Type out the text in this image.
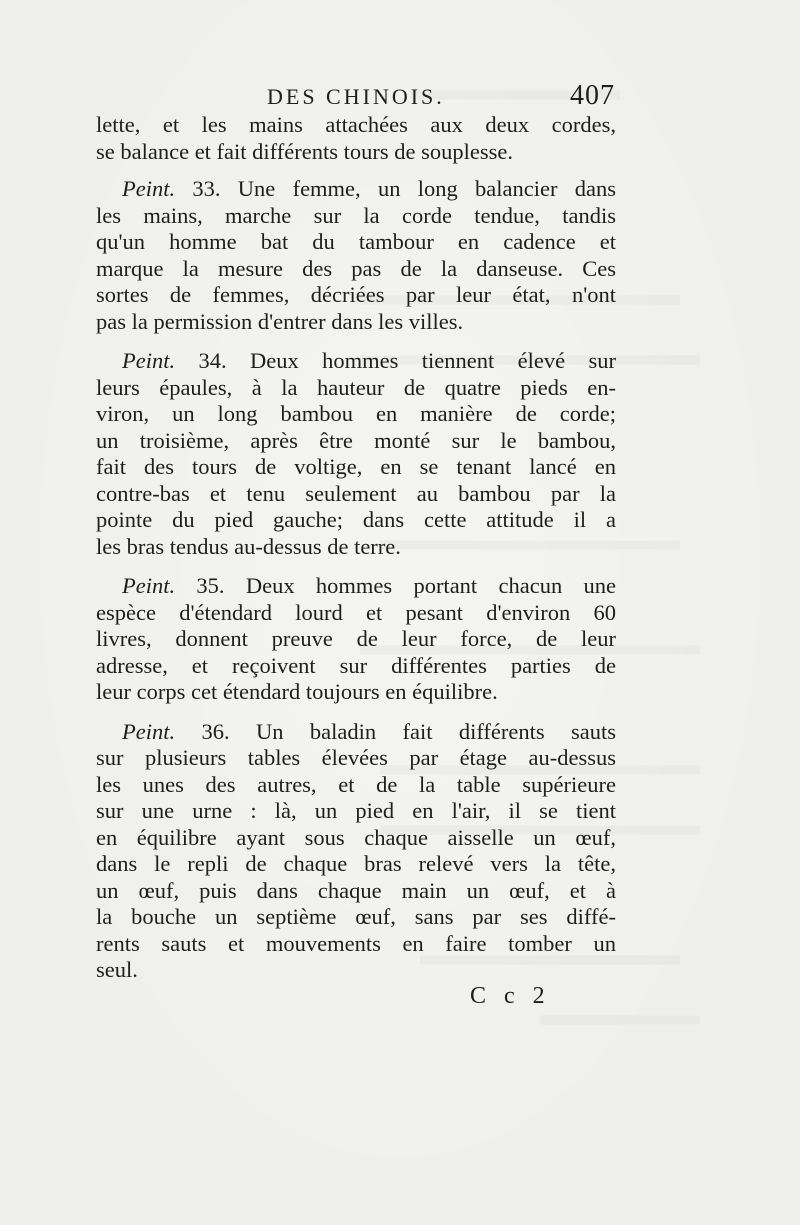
DES CHINOIS.	407
lette, et les mains attachées aux deux cordes,
se balance et fait différents tours de souplesse.
Peint. 33. Une femme, un long balancier dans
les mains, marche sur la corde tendue, tandis
qu'un homme bat du tambour en cadence et
marque la mesure des pas de la danseuse. Ces
sortes de femmes, décriées par leur état, n'ont
pas la permission d'entrer dans les villes.
Peint. 34. Deux hommes tiennent élevé sur
leurs épaules, à la hauteur de quatre pieds en-
viron, un long bambou en manière de corde;
un troisième, après être monté sur le bambou,
fait des tours de voltige, en se tenant lancé en
contre-bas et tenu seulement au bambou par la
pointe du pied gauche; dans cette attitude il a
les bras tendus au-dessus de terre.
Peint. 35. Deux hommes portant chacun une
espèce d'étendard lourd et pesant d'environ 60
livres, donnent preuve de leur force, de leur
adresse, et reçoivent sur différentes parties de
leur corps cet étendard toujours en équilibre.
Peint. 36. Un baladin fait différents sauts
sur plusieurs tables élevées par étage au-dessus
les unes des autres, et de la table supérieure
sur une urne : là, un pied en l'air, il se tient
en équilibre ayant sous chaque aisselle un œuf,
dans le repli de chaque bras relevé vers la tête,
un œuf, puis dans chaque main un œuf, et à
la bouche un septième œuf, sans par ses diffé-
rents sauts et mouvements en faire tomber un
seul.
C c 2
